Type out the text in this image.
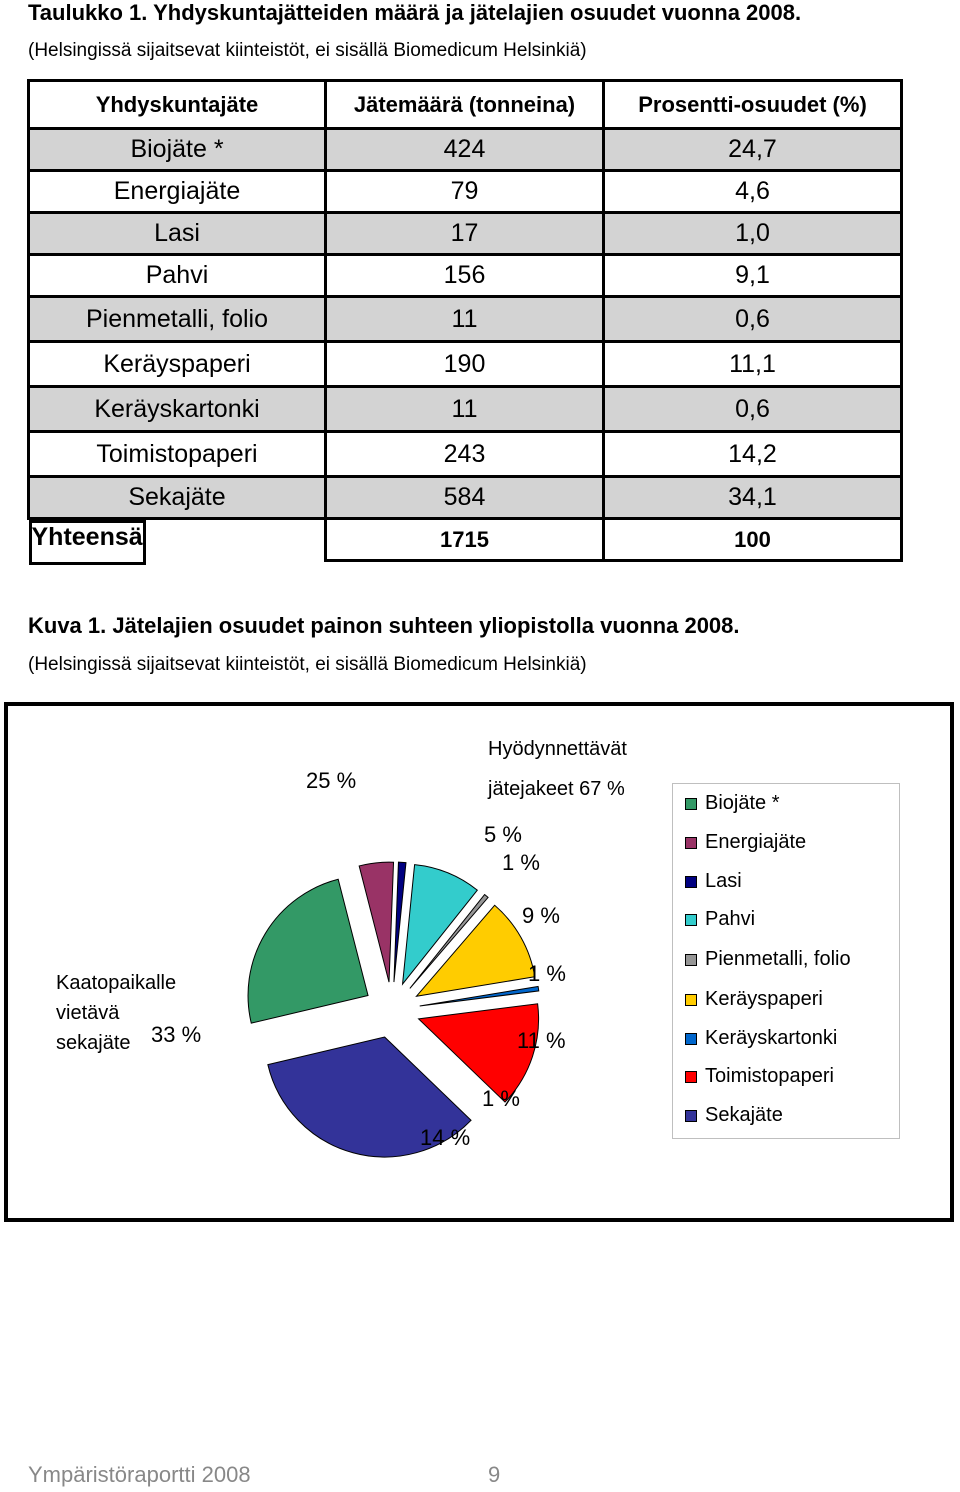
Taulukko 1. Yhdyskuntajätteiden määrä ja jätelajien osuudet vuonna 2008.
(Helsingissä sijaitsevat kiinteistöt, ei sisällä Biomedicum Helsinkiä)
Yhdyskuntajäte	Jätemäärä (tonneina)	Prosentti-osuudet (%)
Biojäte *	424	24,7
Energiajäte	79	4,6
Lasi	17	1,0
Pahvi	156	9,1
Pienmetalli, folio	11	0,6
Keräyspaperi	190	11,1
Keräyskartonki	11	0,6
Toimistopaperi	243	14,2
Sekajäte	584	34,1

Yhteensä	1715	100
Kuva 1. Jätelajien osuudet painon suhteen yliopistolla vuonna 2008.
(Helsingissä sijaitsevat kiinteistöt, ei sisällä Biomedicum Helsinkiä)
Hyödynnettävät
jätejakeet 67 %
Kaatopaikalle
vietävä
sekajäte
25 %
5 %
1 %
9 %
1 %
11 %
1 %
14 %
33 %
Biojäte *
Energiajäte
Lasi
Pahvi
Pienmetalli, folio
Keräyspaperi
Keräyskartonki
Toimistopaperi
Sekajäte
Ympäristöraportti 2008	9
